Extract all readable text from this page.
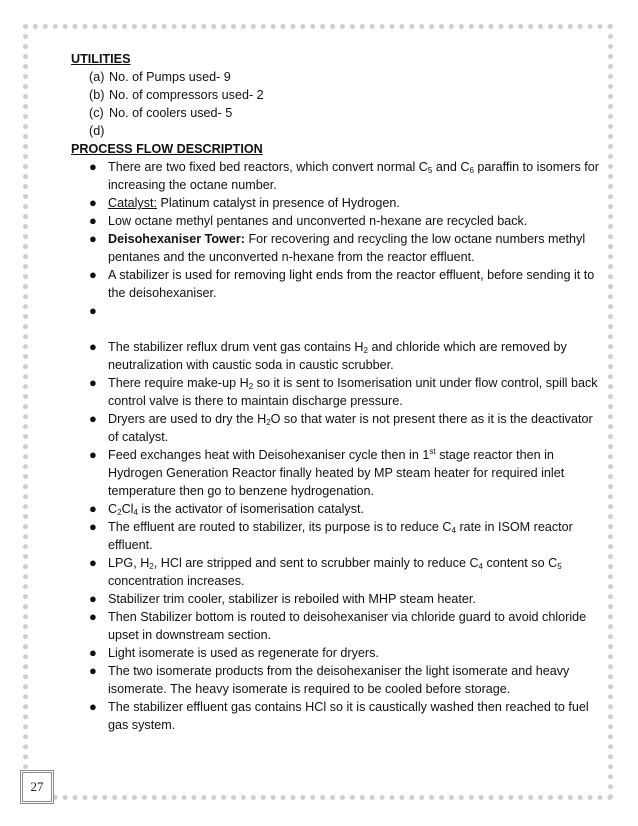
UTILITIES

(a) No. of Pumps used- 9
(b) No. of compressors used- 2
(c) No. of coolers used- 5
(d)

PROCESS FLOW DESCRIPTION

● There are two fixed bed reactors, which convert normal $C_5$ and $C_6$ paraffin to isomers for increasing the octane number.
● Catalyst: Platinum catalyst in presence of Hydrogen.
● Low octane methyl pentanes and unconverted n-hexane are recycled back.
● Deisohexaniser Tower: For recovering and recycling the low octane numbers methyl pentanes and the unconverted n-hexane from the reactor effluent.
● A stabilizer is used for removing light ends from the reactor effluent, before sending it to the deisohexaniser.
●
● The stabilizer reflux drum vent gas contains $H_2$ and chloride which are removed by neutralization with caustic soda in caustic scrubber.
● There require make-up $H_2$ so it is sent to Isomerisation unit under flow control, spill back control valve is there to maintain discharge pressure.
● Dryers are used to dry the $H_2O$ so that water is not present there as it is the deactivator of catalyst.
● Feed exchanges heat with Deisohexaniser cycle then in 1st stage reactor then in Hydrogen Generation Reactor finally heated by MP steam heater for required inlet temperature then go to benzene hydrogenation.
● $C_2Cl_4$ is the activator of isomerisation catalyst.
● The effluent are routed to stabilizer, its purpose is to reduce $C_4$ rate in ISOM reactor effluent.
● LPG, $H_2$, HCl are stripped and sent to scrubber mainly to reduce $C_4$ content so $C_5$ concentration increases.
● Stabilizer trim cooler, stabilizer is reboiled with MHP steam heater.
● Then Stabilizer bottom is routed to deisohexaniser via chloride guard to avoid chloride upset in downstream section.
● Light isomerate is used as regenerate for dryers.
● The two isomerate products from the deisohexaniser the light isomerate and heavy isomerate. The heavy isomerate is required to be cooled before storage.
● The stabilizer effluent gas contains HCl so it is caustically washed then reached to fuel gas system.
27
